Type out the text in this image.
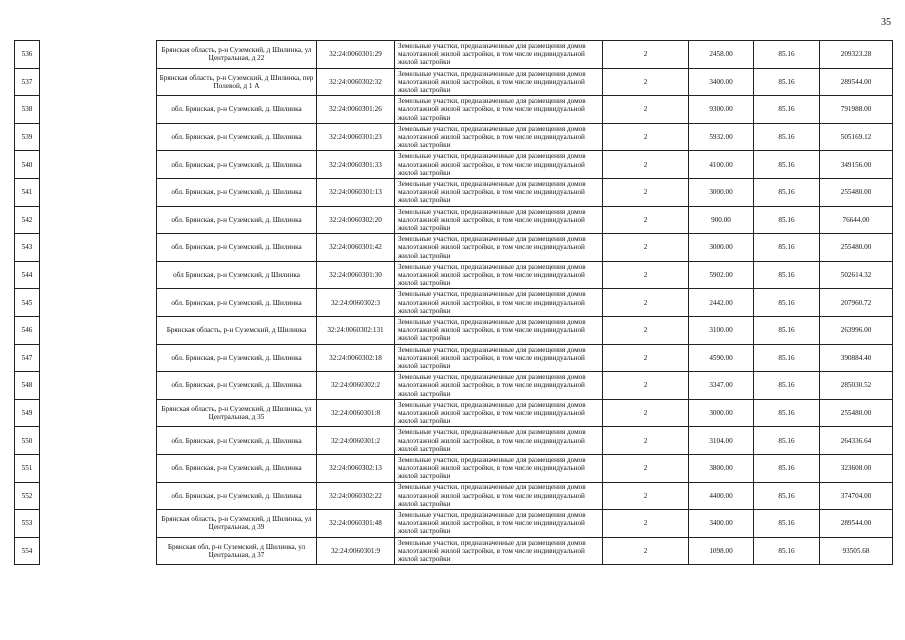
35
536		Брянская область, р-н Суземский, д Шилинка, ул Центральная, д 22	32:24:0060301:29	Земельные участки, предназначенные для размещения домов малоэтажной жилой застройки, в том числе индивидуальной жилой застройки	2	2458.00	85.16	209323.28
537		Брянская область, р-н Суземский, д Шилинка, пер Полевой, д 1 А	32:24:0060302:32	Земельные участки, предназначенные для размещения домов малоэтажной жилой застройки, в том числе индивидуальной жилой застройки	2	3400.00	85.16	289544.00
538		обл. Брянская, р-н Суземский, д. Шилинка	32:24:0060301:26	Земельные участки, предназначенные для размещения домов малоэтажной жилой застройки, в том числе индивидуальной жилой застройки	2	9300.00	85.16	791988.00
539		обл. Брянская, р-н Суземский, д. Шилинка	32:24:0060301:23	Земельные участки, предназначенные для размещения домов малоэтажной жилой застройки, в том числе индивидуальной жилой застройки	2	5932.00	85.16	505169.12
540		обл. Брянская, р-н Суземский, д. Шилинка	32:24:0060301:33	Земельные участки, предназначенные для размещения домов малоэтажной жилой застройки, в том числе индивидуальной жилой застройки	2	4100.00	85.16	349156.00
541		обл. Брянская, р-н Суземский, д. Шилинка	32:24:0060301:13	Земельные участки, предназначенные для размещения домов малоэтажной жилой застройки, в том числе индивидуальной жилой застройки	2	3000.00	85.16	255480.00
542		обл. Брянская, р-н Суземский, д. Шилинка	32:24:0060302:20	Земельные участки, предназначенные для размещения домов малоэтажной жилой застройки, в том числе индивидуальной жилой застройки	2	900.00	85.16	76644.00
543		обл. Брянская, р-н Суземский, д. Шилинка	32:24:0060301:42	Земельные участки, предназначенные для размещения домов малоэтажной жилой застройки, в том числе индивидуальной жилой застройки	2	3000.00	85.16	255480.00
544		обл Брянская, р-н Суземский, д Шилинка	32:24:0060301:30	Земельные участки, предназначенные для размещения домов малоэтажной жилой застройки, в том числе индивидуальной жилой застройки	2	5902.00	85.16	502614.32
545		обл. Брянская, р-н Суземский, д. Шилинка	32:24:0060302:3	Земельные участки, предназначенные для размещения домов малоэтажной жилой застройки, в том числе индивидуальной жилой застройки	2	2442.00	85.16	207960.72
546		Брянская область, р-н Суземский, д Шилинка	32:24:0060302:131	Земельные участки, предназначенные для размещения домов малоэтажной жилой застройки, в том числе индивидуальной жилой застройки	2	3100.00	85.16	263996.00
547		обл. Брянская, р-н Суземский, д. Шилинка	32:24:0060302:18	Земельные участки, предназначенные для размещения домов малоэтажной жилой застройки, в том числе индивидуальной жилой застройки	2	4590.00	85.16	390884.40
548		обл. Брянская, р-н Суземский, д. Шилинка	32:24:0060302:2	Земельные участки, предназначенные для размещения домов малоэтажной жилой застройки, в том числе индивидуальной жилой застройки	2	3347.00	85.16	285030.52
549		Брянская область, р-н Суземский, д Шилинка, ул Центральная, д 35	32:24:0060301:8	Земельные участки, предназначенные для размещения домов малоэтажной жилой застройки, в том числе индивидуальной жилой застройки	2	3000.00	85.16	255480.00
550		обл. Брянская, р-н Суземский, д. Шилинка	32:24:0060301:2	Земельные участки, предназначенные для размещения домов малоэтажной жилой застройки, в том числе индивидуальной жилой застройки	2	3104.00	85.16	264336.64
551		обл. Брянская, р-н Суземский, д. Шилинка	32:24:0060302:13	Земельные участки, предназначенные для размещения домов малоэтажной жилой застройки, в том числе индивидуальной жилой застройки	2	3800.00	85.16	323608.00
552		обл. Брянская, р-н Суземский, д. Шилинка	32:24:0060302:22	Земельные участки, предназначенные для размещения домов малоэтажной жилой застройки, в том числе индивидуальной жилой застройки	2	4400.00	85.16	374704.00
553		Брянская область, р-н Суземский, д Шилинка, ул Центральная, д 39	32:24:0060301:48	Земельные участки, предназначенные для размещения домов малоэтажной жилой застройки, в том числе индивидуальной жилой застройки	2	3400.00	85.16	289544.00
554		Брянская обл, р-н Суземский, д Шилинка, ул Центральная, д 37	32:24:0060301:9	Земельные участки, предназначенные для размещения домов малоэтажной жилой застройки, в том числе индивидуальной жилой застройки	2	1098.00	85.16	93505.68
